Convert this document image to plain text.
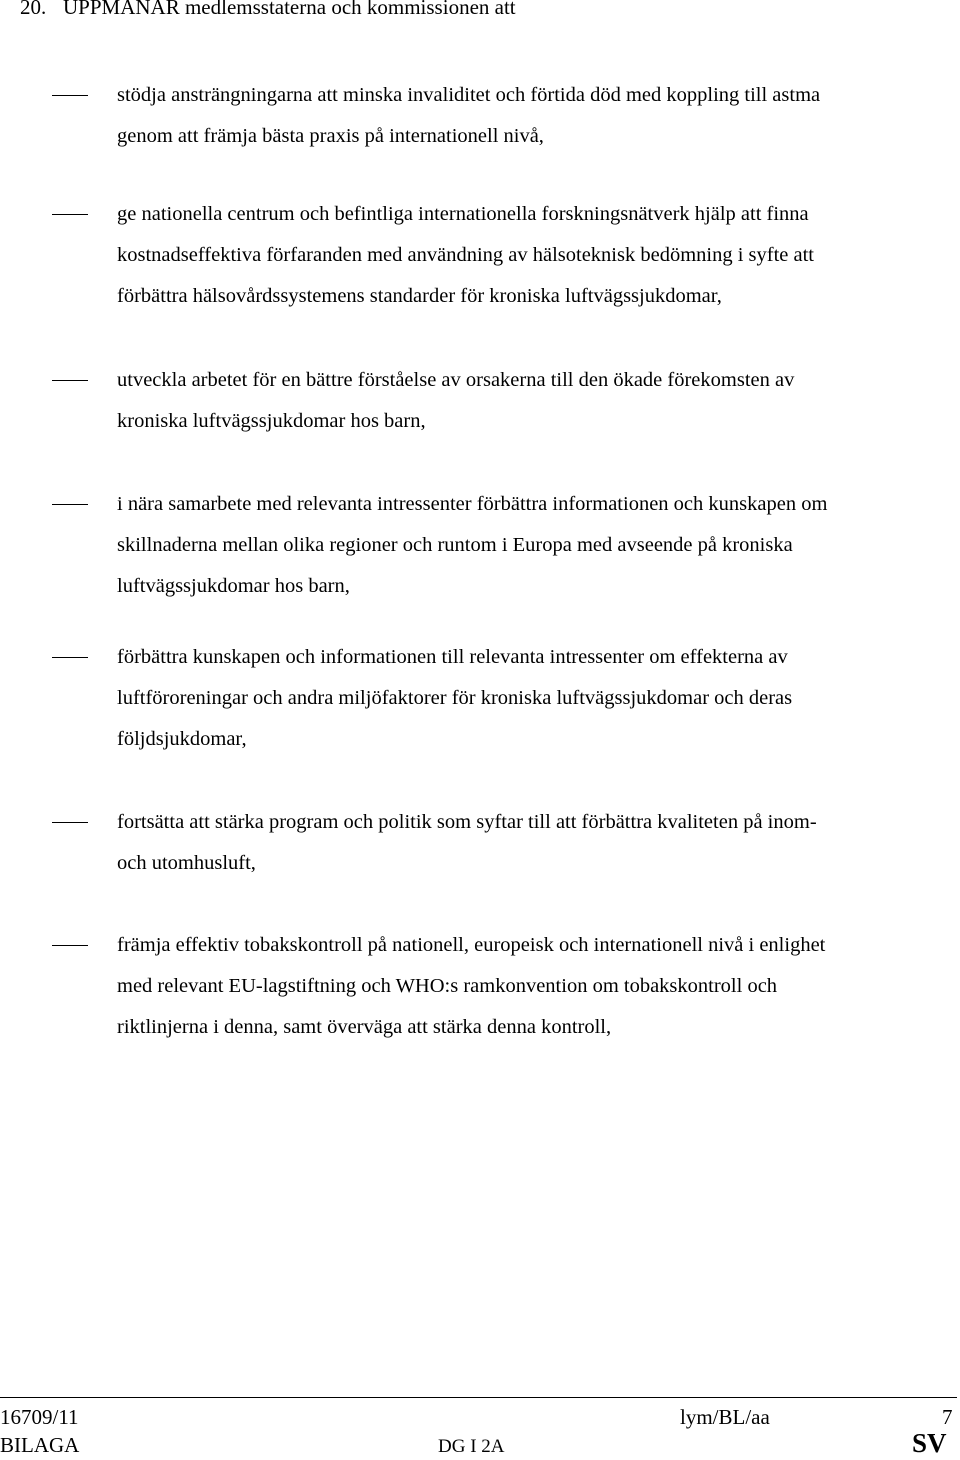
20. UPPMANAR medlemsstaterna och kommissionen att

stödja ansträngningarna att minska invaliditet och förtida död med koppling till astma
genom att främja bästa praxis på internationell nivå,

ge nationella centrum och befintliga internationella forskningsnätverk hjälp att finna
kostnadseffektiva förfaranden med användning av hälsoteknisk bedömning i syfte att
förbättra hälsovårdssystemens standarder för kroniska luftvägssjukdomar,

utveckla arbetet för en bättre förståelse av orsakerna till den ökade förekomsten av
kroniska luftvägssjukdomar hos barn,

i nära samarbete med relevanta intressenter förbättra informationen och kunskapen om
skillnaderna mellan olika regioner och runtom i Europa med avseende på kroniska
luftvägssjukdomar hos barn,

förbättra kunskapen och informationen till relevanta intressenter om effekterna av
luftföroreningar och andra miljöfaktorer för kroniska luftvägssjukdomar och deras
följdsjukdomar,

fortsätta att stärka program och politik som syftar till att förbättra kvaliteten på inom-
och utomhusluft,

främja effektiv tobakskontroll på nationell, europeisk och internationell nivå i enlighet
med relevant EU-lagstiftning och WHO:s ramkonvention om tobakskontroll och
riktlinjerna i denna, samt överväga att stärka denna kontroll,

16709/11	lym/BL/aa	7
BILAGA	DG I 2A	SV
